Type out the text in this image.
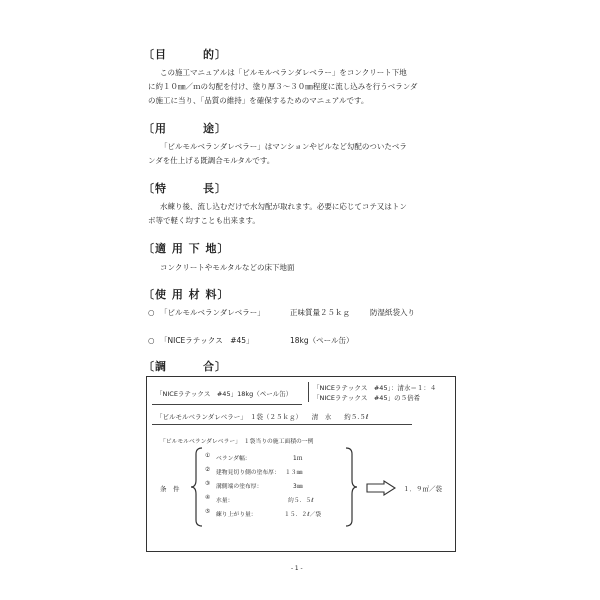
〔目　　　的〕
この施工マニュアルは「ビルモルベランダレベラー」をコンクリート下地
に約１０㎜／ｍの勾配を付け、塗り厚３～３０㎜程度に流し込みを行うベランダ
の施工に当り、「品質の維持」を確保するためのマニュアルです。
〔用　　　途〕
「ビルモルベランダレベラー」はマンションやビルなど勾配のついたベラ
ンダを仕上げる既調合モルタルです。
〔特　　　長〕
水練り後、流し込むだけで水勾配が取れます。必要に応じてコテ又はトン
ボ等で軽く均すことも出来ます。
〔適 用 下 地〕
コンクリートやモルタルなどの床下地面
〔使 用 材 料〕
○ 「ビルモルベランダレベラー」	正味質量２５ｋｇ	防湿紙袋入り
○ 「NICEラテックス　#45」	18kg（ペール缶）
〔調　　　合〕
「NICEラテックス　#45」18kg（ペール缶）
「NICEラテックス　#45」：清水＝１：４
「NICEラテックス　#45」の５倍希
「ビルモルベランダレベラー」　１袋（２５ｋｇ）　　清　水　　約５.５ℓ
「ビルモルベランダレベラー」　１袋当りの施工面積の一例
条　件
① ベランダ幅：	1ｍ
② 建物見切り側の塗布厚： １３㎜
③ 溝側端の塗布厚：	3㎜
④ 水量：	約５．５ℓ
⑤ 練り上がり量：	１５．２ℓ／袋
１．９㎡／袋
- 1 -
